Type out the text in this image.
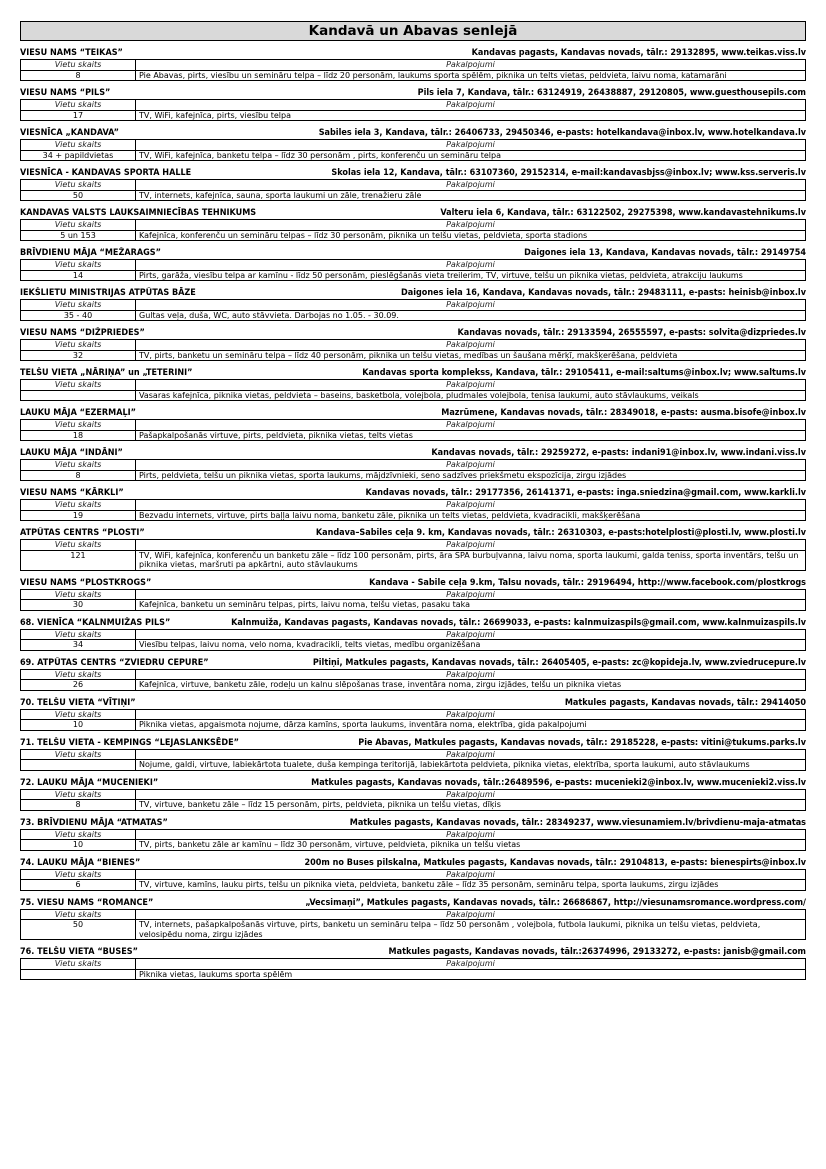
Kandavā un Abavas senlejā
VIESU NAMS “TEIKAS”	Kandavas pagasts, Kandavas novads, tālr.: 29132895, www.teikas.viss.lv
Vietu skaits	Pakalpojumi
8	Pie Abavas, pirts, viesību un semināru telpa – līdz 20 personām, laukums sporta spēlēm, piknika un telts vietas, peldvieta, laivu noma, katamarāni
VIESU NAMS “PILS”	Pils iela 7, Kandava, tālr.: 63124919, 26438887, 29120805, www.guesthousepils.com
Vietu skaits	Pakalpojumi
17	TV, WiFi, kafejnīca, pirts, viesību telpa
VIESNĪCA „KANDAVA”	Sabiles iela 3, Kandava, tālr.: 26406733, 29450346, e-pasts: hotelkandava@inbox.lv, www.hotelkandava.lv
Vietu skaits	Pakalpojumi
34 + papildvietas	TV, WiFi, kafejnīca, banketu telpa – līdz 30 personām , pirts, konferenču un semināru telpa
VIESNĪCA - KANDAVAS SPORTA HALLE	Skolas iela 12, Kandava, tālr.: 63107360, 29152314, e-mail:kandavasbjss@inbox.lv; www.kss.serveris.lv
Vietu skaits	Pakalpojumi
50	TV, internets, kafejnīca, sauna, sporta laukumi un zāle, trenažieru zāle
KANDAVAS VALSTS LAUKSAIMNIECĪBAS TEHNIKUMS	Valteru iela 6, Kandava, tālr.: 63122502, 29275398, www.kandavastehnikums.lv
Vietu skaits	Pakalpojumi
5 un 153	Kafejnīca, konferenču un semināru telpas – līdz 30 personām, piknika un telšu vietas, peldvieta, sporta stadions
BRĪVDIENU MĀJA “MEŽARAGS”	Daigones iela 13, Kandava, Kandavas novads, tālr.: 29149754
Vietu skaits	Pakalpojumi
14	Pirts, garāža, viesību telpa ar kamīnu - līdz 50 personām, pieslēgšanās vieta treilerim, TV, virtuve, telšu un piknika vietas, peldvieta, atrakciju laukums
IEKŠLIETU MINISTRIJAS ATPŪTAS BĀZE	Daigones iela 16, Kandava, Kandavas novads, tālr.: 29483111, e-pasts: heinisb@inbox.lv
Vietu skaits	Pakalpojumi
35 - 40	Gultas veļa, duša, WC, auto stāvvieta. Darbojas no 1.05. - 30.09.
VIESU NAMS “DIŽPRIEDES”	Kandavas novads, tālr.: 29133594, 26555597, e-pasts: solvita@dizpriedes.lv
Vietu skaits	Pakalpojumi
32	TV, pirts, banketu un semināru telpa – līdz 40 personām, piknika un telšu vietas, medības un šaušana mērķī, makšķerēšana, peldvieta
TELŠU VIETA „NĀRIŅA” un „TETERINI”	Kandavas sporta komplekss, Kandava, tālr.: 29105411, e-mail:saltums@inbox.lv; www.saltums.lv
Vietu skaits	Pakalpojumi
	Vasaras kafejnīca, piknika vietas, peldvieta – baseins, basketbola, volejbola, pludmales volejbola, tenisa laukumi, auto stāvlaukums, veikals
LAUKU MĀJA “EZERMAĻI”	Mazrūmene, Kandavas novads, tālr.: 28349018, e-pasts: ausma.bisofe@inbox.lv
Vietu skaits	Pakalpojumi
18	Pašapkalpošanās virtuve, pirts, peldvieta, piknika vietas, telts vietas
LAUKU MĀJA “INDĀNI”	Kandavas novads, tālr.: 29259272, e-pasts: indani91@inbox.lv, www.indani.viss.lv
Vietu skaits	Pakalpojumi
8	Pirts, peldvieta, telšu un piknika vietas, sporta laukums, mājdzīvnieki, seno sadzīves priekšmetu ekspozīcija, zirgu izjādes
VIESU NAMS “KĀRKLI”	Kandavas novads, tālr.: 29177356, 26141371, e-pasts: inga.sniedzina@gmail.com, www.karkli.lv
Vietu skaits	Pakalpojumi
19	Bezvadu internets, virtuve, pirts baļļa laivu noma, banketu zāle, piknika un telts vietas, peldvieta, kvadracikli, makšķerēšana
ATPŪTAS CENTRS “PLOSTI”	Kandava–Sabiles ceļa 9. km, Kandavas novads, tālr.: 26310303, e-pasts:hotelplosti@plosti.lv, www.plosti.lv
Vietu skaits	Pakalpojumi
121	TV, WiFi, kafejnīca, konferenču un banketu zāle – līdz 100 personām, pirts, āra SPA burbuļvanna, laivu noma, sporta laukumi, galda teniss, sporta inventārs, telšu un piknika vietas, maršruti pa apkārtni, auto stāvlaukums
VIESU NAMS “PLOSTKROGS”	Kandava - Sabile ceļa 9.km, Talsu novads, tālr.: 29196494, http://www.facebook.com/plostkrogs
Vietu skaits	Pakalpojumi
30	Kafejnīca, banketu un semināru telpas, pirts, laivu noma, telšu vietas, pasaku taka
68. VIENĪCA “KALNMUIŽAS PILS”	Kalnmuiža, Kandavas pagasts, Kandavas novads, tālr.: 26699033, e-pasts: kalnmuizaspils@gmail.com, www.kalnmuizaspils.lv
Vietu skaits	Pakalpojumi
34	Viesību telpas, laivu noma, velo noma, kvadracikli, telts vietas, medību organizēšana
69. ATPŪTAS CENTRS “ZVIEDRU CEPURE”	Piltiņi, Matkules pagasts, Kandavas novads, tālr.: 26405405, e-pasts: zc@kopideja.lv, www.zviedrucepure.lv
Vietu skaits	Pakalpojumi
26	Kafejnīca, virtuve, banketu zāle, rodeļu un kalnu slēpošanas trase, inventāra noma, zirgu izjādes, telšu un piknika vietas
70. TELŠU VIETA “VĪTIŅI”	Matkules pagasts, Kandavas novads, tālr.: 29414050
Vietu skaits	Pakalpojumi
10	Piknika vietas, apgaismota nojume, dārza kamīns, sporta laukums, inventāra noma, elektrība, gida pakalpojumi
71. TELŠU VIETA - KEMPINGS “LEJASLANKSĒDE”	Pie Abavas, Matkules pagasts, Kandavas novads, tālr.: 29185228, e-pasts: vitini@tukums.parks.lv
Vietu skaits	Pakalpojumi
	Nojume, galdi, virtuve, labiekārtota tualete, duša kempinga teritorijā, labiekārtota peldvieta, piknika vietas, elektrība, sporta laukumi, auto stāvlaukums
72. LAUKU MĀJA “MUCENIEKI”	Matkules pagasts, Kandavas novads, tālr.:26489596, e-pasts: mucenieki2@inbox.lv, www.mucenieki2.viss.lv
Vietu skaits	Pakalpojumi
8	TV, virtuve, banketu zāle – līdz 15 personām, pirts, peldvieta, piknika un telšu vietas, dīķis
73. BRĪVDIENU MĀJA “ATMATAS”	Matkules pagasts, Kandavas novads, tālr.: 28349237, www.viesunamiem.lv/brivdienu-maja-atmatas
Vietu skaits	Pakalpojumi
10	TV, pirts, banketu zāle ar kamīnu – līdz 30 personām, virtuve, peldvieta, piknika un telšu vietas
74. LAUKU MĀJA “BIENES”	200m no Buses pilskalna, Matkules pagasts, Kandavas novads, tālr.: 29104813, e-pasts: bienespirts@inbox.lv
Vietu skaits	Pakalpojumi
6	TV, virtuve, kamīns, lauku pirts, telšu un piknika vieta, peldvieta, banketu zāle – līdz 35 personām, semināru telpa, sporta laukums, zirgu izjādes
75. VIESU NAMS “ROMANCE”	„Vecsimaņi”, Matkules pagasts, Kandavas novads, tālr.: 26686867, http://viesunamsromance.wordpress.com/
Vietu skaits	Pakalpojumi
50	TV, internets, pašapkalpošanās virtuve, pirts, banketu un semināru telpa – līdz 50 personām , volejbola, futbola laukumi, piknika un telšu vietas, peldvieta, velosipēdu noma, zirgu izjādes
76. TELŠU VIETA “BUSES”	Matkules pagasts, Kandavas novads, tālr.:26374996, 29133272, e-pasts: janisb@gmail.com
Vietu skaits	Pakalpojumi
	Piknika vietas, laukums sporta spēlēm
